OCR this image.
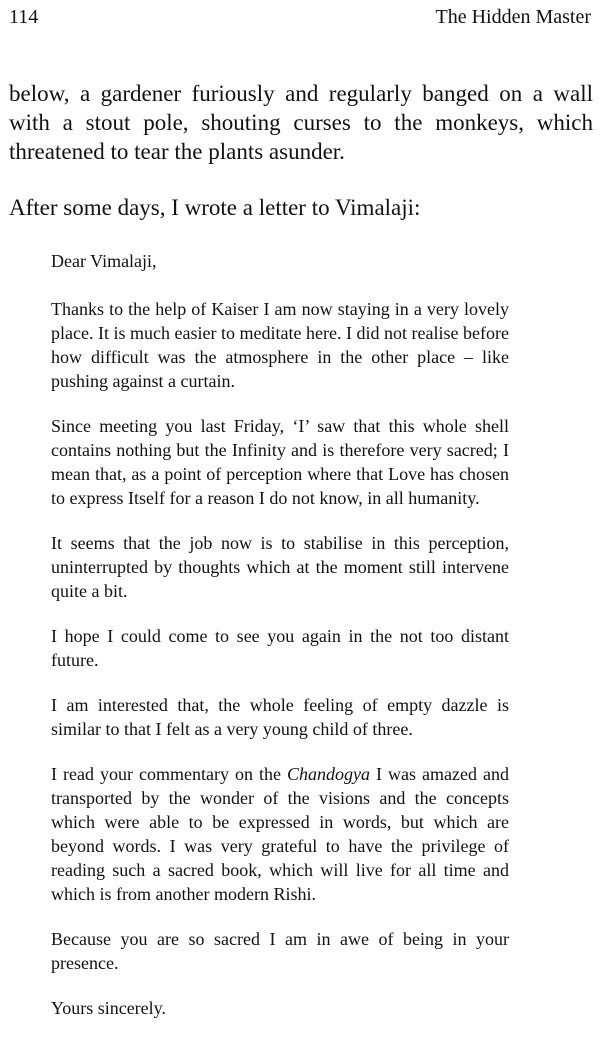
114	The Hidden Master

below, a gardener furiously and regularly banged on a wall with a stout pole, shouting curses to the monkeys, which threatened to tear the plants asunder.

After some days, I wrote a letter to Vimalaji:

Dear Vimalaji,

Thanks to the help of Kaiser I am now staying in a very lovely place. It is much easier to meditate here. I did not realise before how difficult was the atmosphere in the other place – like pushing against a curtain.

Since meeting you last Friday, ‘I’ saw that this whole shell contains nothing but the Infinity and is therefore very sacred; I mean that, as a point of perception where that Love has chosen to express Itself for a reason I do not know, in all humanity.

It seems that the job now is to stabilise in this perception, uninterrupted by thoughts which at the moment still intervene quite a bit.

I hope I could come to see you again in the not too distant future.

I am interested that, the whole feeling of empty dazzle is similar to that I felt as a very young child of three.

I read your commentary on the Chandogya I was amazed and transported by the wonder of the visions and the concepts which were able to be expressed in words, but which are beyond words. I was very grateful to have the privilege of reading such a sacred book, which will live for all time and which is from another modern Rishi.

Because you are so sacred I am in awe of being in your presence.

Yours sincerely.
